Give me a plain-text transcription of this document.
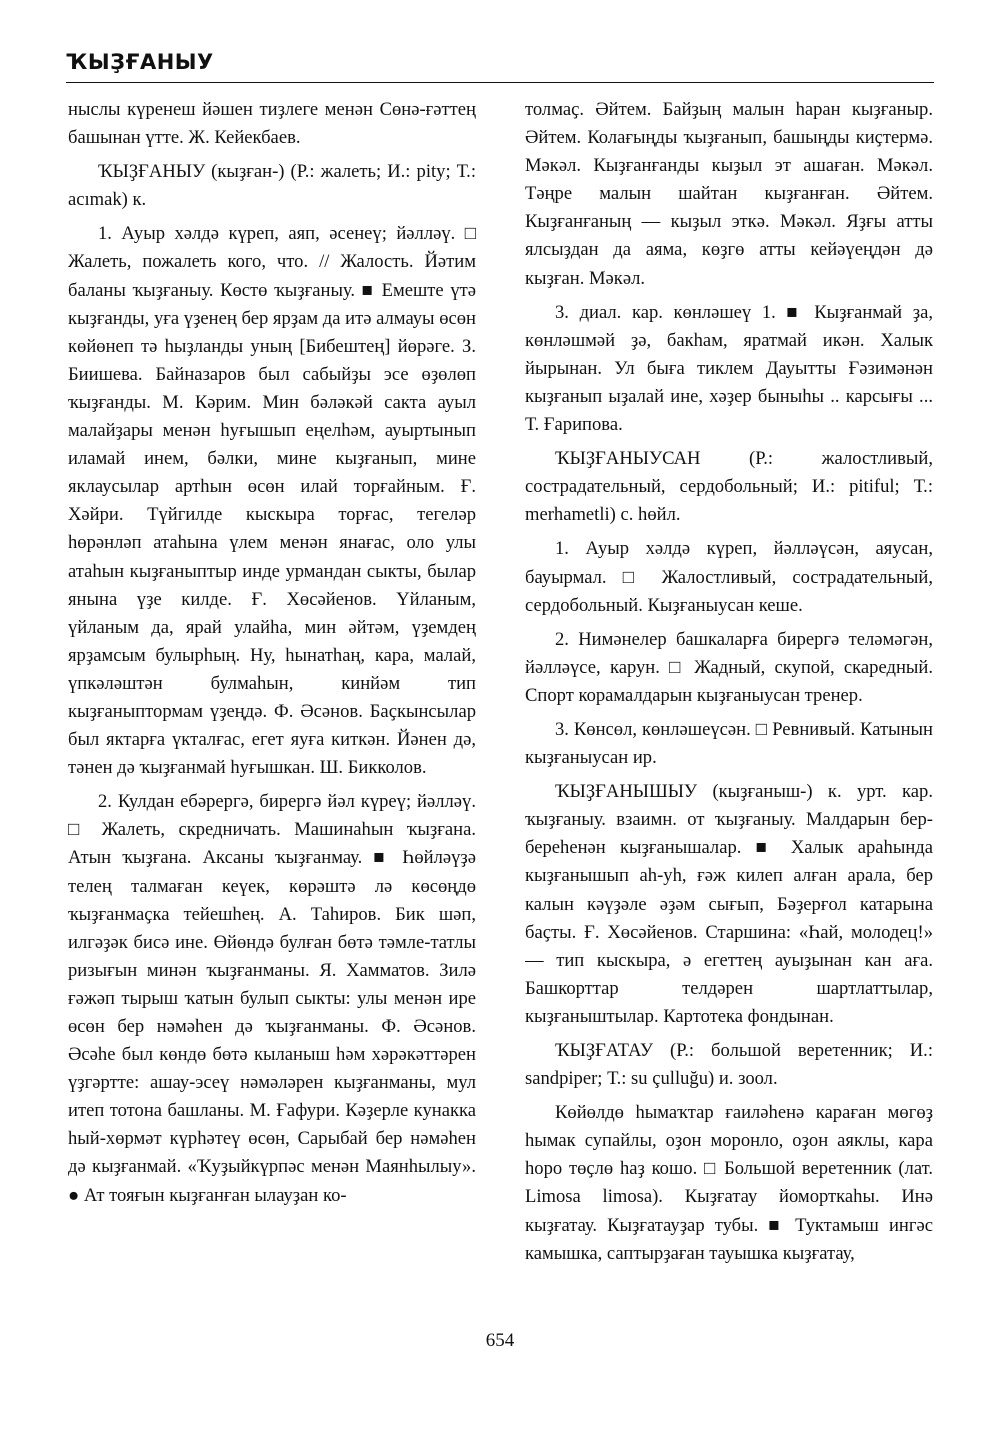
ҠЫҘҒАНЫУ

ныслы күренеш йәшен тиҙлеге менән Сөнә-ғәттең башынан үтте. Ж. Кейекбаев.

ҠЫҘҒАНЫУ (кыҙған-) (Р.: жалеть; И.: pity; Т.: acımak) к.

1. Ауыр хәлдә күреп, аяп, әсенеү; йәлләү. □ Жалеть, пожалеть кого, что. // Жалость. Йәтим баланы ҡыҙғаныу. Көстө ҡыҙғаныу. ■ Емеште үтә кыҙғанды, уға үҙенең бер ярҙам да итә алмауы өсөн көйөнеп тә һыҙланды уның [Бибештең] йөрәге. З. Биишева. Байназаров был сабыйҙы эсе өҙөлөп ҡыҙғанды. М. Кәрим. Мин бәләкәй сакта ауыл малайҙары менән һуғышып еңелһәм, ауыртынып иламай инем, бәлки, мине кыҙғанып, мине яклаусылар артһын өсөн илай торғайным. Ғ. Хәйри. Түйгилде кыскыра торғас, тегеләр һөрәнләп атаһына үлем менән янағас, оло улы атаһын кыҙғаныптыр инде урмандан сыкты, былар янына үҙе килде. Ғ. Хөсәйенов. Үйланым, үйланым да, ярай улайһа, мин әйтәм, үҙемдең ярҙамсым булырһың. Ну, һынатһаң, кара, малай, үпкәләштән булмаһын, кинйәм тип кыҙғаныптормам үҙеңдә. Ф. Әсәнов. Баҫкынсылар был яктарға үкталғас, егет яуға киткән. Йәнен дә, тәнен дә ҡыҙғанмай һуғышкан. Ш. Бикколов.

2. Кулдан ебәрергә, бирергә йәл күреү; йәлләү. □ Жалеть, скредничать. Машинаһын ҡыҙғана. Атын ҡыҙғана. Аксаны ҡыҙғанмау. ■ Һөйләүҙә телең талмаған кеүек, көрәштә лә көсөңдө ҡыҙғанмаҫка тейешһең. А. Таһиров. Бик шәп, илгәҙәк бисә ине. Өйөндә булған бөтә тәмле-татлы ризығын минән ҡыҙғанманы. Я. Хамматов. Зилә ғәжәп тырыш ҡатын булып сыкты: улы менән ире өсөн бер нәмәһен дә ҡыҙғанманы. Ф. Әсәнов. Әсәһе был көндө бөтә кыланыш һәм хәрәкәттәрен үҙгәртте: ашау-эсеү нәмәләрен кыҙғанманы, мул итеп тотона башланы. М. Ғафури. Кәҙерле кунакка һый-хөрмәт күрһәтеү өсөн, Сарыбай бер нәмәһен дә кыҙғанмай. «Ҡуҙыйкүрпәс менән Маянһылыу». ● Ат тояғын кыҙғанған ылауҙан ко-

толмаҫ. Әйтем. Байҙың малын һаран кыҙғаныр. Әйтем. Колағыңды ҡыҙғанып, башыңды киҫтермә. Мәкәл. Кыҙғанғанды кыҙыл эт ашаған. Мәкәл. Тәңре малын шайтан кыҙғанған. Әйтем. Кыҙғанғаның — кыҙыл эткә. Мәкәл. Яҙғы атты ялсыҙдан да аяма, көҙгө атты кейәүеңдән дә кыҙған. Мәкәл.

3. диал. кар. көнләшеү 1. ■ Кыҙғанмай ҙа, көнләшмәй ҙә, бакһам, яратмай икән. Халык йырынан. Ул быға тиклем Дауытты Ғәзимәнән кыҙғанып ыҙалай ине, хәҙер быныһы .. карсығы ... Т. Ғарипова.

ҠЫҘҒАНЫУСАН (Р.: жалостливый, сострадательный, сердобольный; И.: pitiful; Т.: merhametli) с. һөйл.

1. Ауыр хәлдә күреп, йәлләүсән, аяусан, бауырмал. □ Жалостливый, сострадательный, сердобольный. Кыҙғаныусан кеше.

2. Нимәнелер башкаларға бирергә теләмәгән, йәлләүсе, карун. □ Жадный, скупой, скаредный. Спорт корамалдарын кыҙғаныусан тренер.

3. Көнсөл, көнләшеүсән. □ Ревнивый. Катынын кыҙғаныусан ир.

ҠЫҘҒАНЫШЫУ (кыҙғаныш-) к. урт. кар. ҡыҙғаныу. взаимн. от ҡыҙғаныу. Малдарын бер-береһенән кыҙғанышалар. ■ Халык араһында кыҙғанышып аһ-уһ, ғәж килеп алған арала, бер калын кәүҙәле әҙәм сығып, Бәҙерғол катарына баҫты. Ғ. Хөсәйенов. Старшина: «Һай, молодец!» — тип кыскыра, ә егеттең ауыҙынан кан аға. Башкорттар телдәрен шартлаттылар, кыҙғаныштылар. Картотека фондынан.

ҠЫҘҒАТАУ (Р.: большой веретенник; И.: sandpiper; Т.: su çulluğu) и. зоол.

Көйөлдө һымаҡтар ғаиләһенә караған мөгөҙ һымак супайлы, оҙон моронло, оҙон аяклы, кара һоро төҫлө һаҙ кошо. □ Большой веретенник (лат. Limosa limosa). Кыҙғатау йоморткаһы. Инә кыҙғатау. Кыҙғатауҙар тубы. ■ Туктамыш ингәс камышка, саптырҙаған тауышка кыҙғатау,

654
